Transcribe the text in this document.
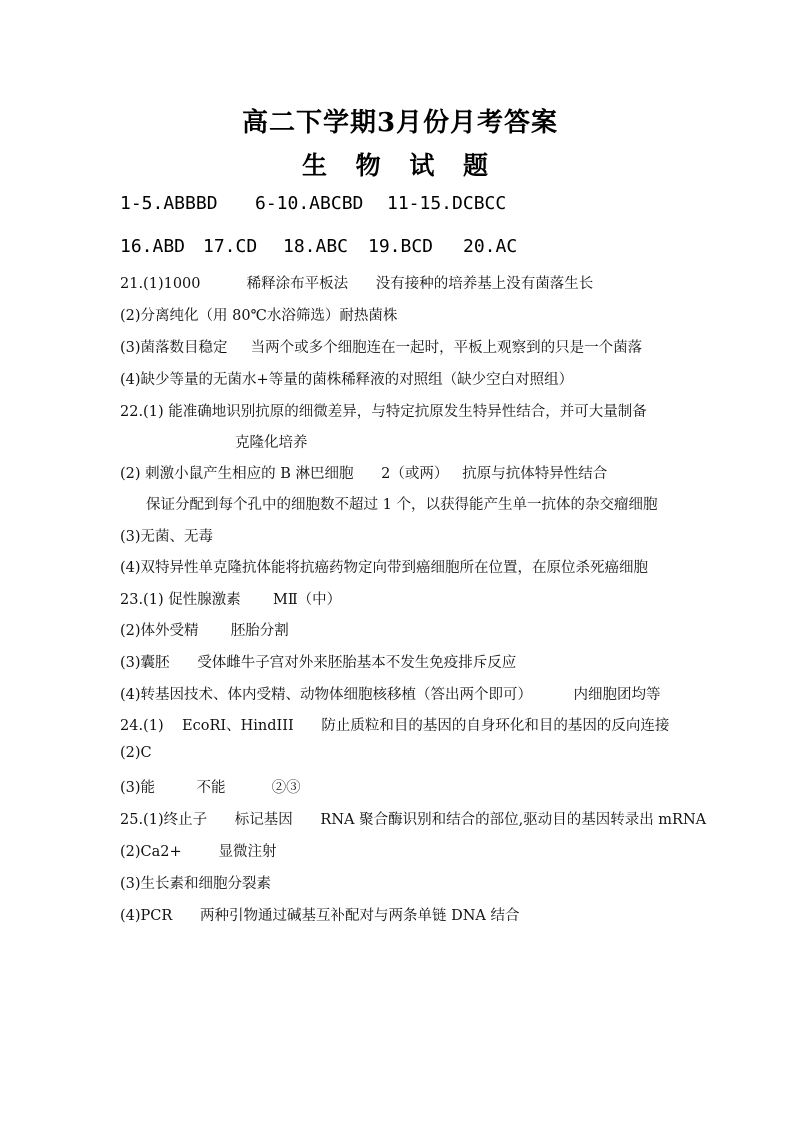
高二下学期3月份月考答案
生 物 试 题
1-5.ABBBD 6-10.ABCBD 11-15.DCBCC
16.ABD 17.CD 18.ABC 19.BCD 20.AC
21.(1)1000          稀释涂布平板法      没有接种的培养基上没有菌落生长
(2)分离纯化（用 80℃水浴筛选）耐热菌株
(3)菌落数目稳定     当两个或多个细胞连在一起时，平板上观察到的只是一个菌落
(4)缺少等量的无菌水+等量的菌株稀释液的对照组（缺少空白对照组）
22.(1) 能准确地识别抗原的细微差异，与特定抗原发生特异性结合，并可大量制备
克隆化培养
(2) 刺激小鼠产生相应的 B 淋巴细胞      2（或两）   抗原与抗体特异性结合
保证分配到每个孔中的细胞数不超过 1 个，以获得能产生单一抗体的杂交瘤细胞
(3)无菌、无毒
(4)双特异性单克隆抗体能将抗癌药物定向带到癌细胞所在位置，在原位杀死癌细胞
23.(1) 促性腺激素       MⅡ（中）
(2)体外受精       胚胎分割
(3)囊胚      受体雌牛子宫对外来胚胎基本不发生免疫排斥反应
(4)转基因技术、体内受精、动物体细胞核移植（答出两个即可）         内细胞团均等
24.(1)    EcoRI、HindIII      防止质粒和目的基因的自身环化和目的基因的反向连接
(2)C
(3)能         不能          ②③
25.(1)终止子      标记基因      RNA 聚合酶识别和结合的部位,驱动目的基因转录出 mRNA
(2)Ca2+        显微注射
(3)生长素和细胞分裂素
(4)PCR      两种引物通过碱基互补配对与两条单链 DNA 结合
